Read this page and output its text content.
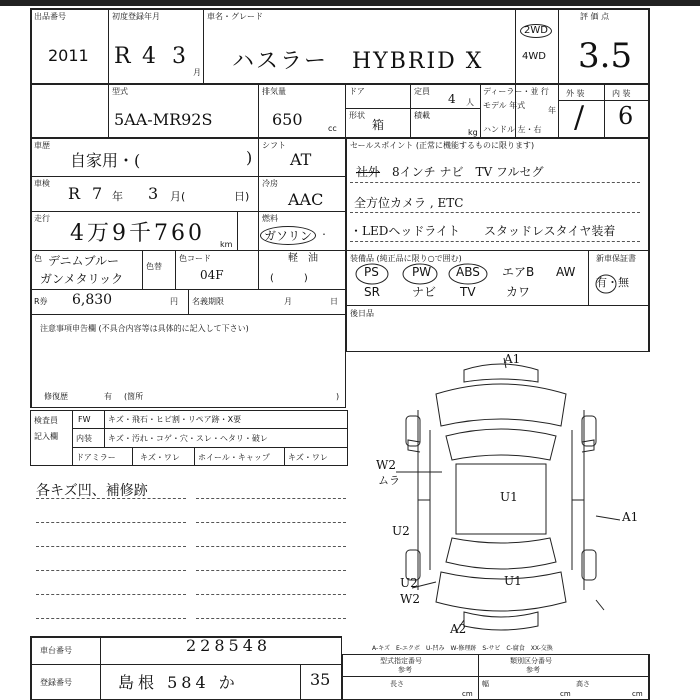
出品番号
2011
初度登録年月
R 4 3
月
車名・グレード
ハスラー　HYBRID X
2WD
4WD
評 価 点
3.5
型式
5AA-MR92S
排気量
650	cc
ドア	定員
4 人
形状
箱
積載
kg
ディーラー・並 行
モデル 年式
年
ハンドル 左・右
外 装	内 装
/ 6
車歴
自家用・(	)
シフト
AT
車検
R 7 年 3 月(	日)
冷房
AAC
走行
4万9千760 km
燃料
ガソリン ・
軽　油
(　　　)
色 デニムブルー
ガンメタリック
色替
色コード
04F
R券 6,830	円 名義期限	月	日
注意事項申告欄 (不具合内容等は具体的に記入して下さい)
修復歴	有 (箇所	)
セールスポイント (正常に機能するものに限ります)
社外 8インチ ナビ　TV フルセグ
全方位カメラ , ETC
・LEDヘッドライト　　スタッドレスタイヤ装着
装備品 (純正品に限り○で囲む)	新車保証書
PS	PW ABS エアB AW
SR	ナビ TV	カワ
有・無
後日品
検査員
記入欄
FW キズ・飛石・ヒビ割・リペア跡・X要
内装 キズ・汚れ・コゲ・穴・スレ・ヘタリ・破レ
ドアミラー	キズ・ワレ ホイール・キャップ キズ・ワレ
各キズ凹、補修跡
A1
W2
ムラ
U1
U2
A1
U1
U2
W2
A2
A-キズ　E-エクボ　U-凹み　W-修理跡　S-サビ　C-腐食　XX-交換
車台番号	228548
登録番号	島根 584 か	35
型式指定番号
参考
類別区分番号
参考
長さ
cm
幅
cm
高さ
cm
